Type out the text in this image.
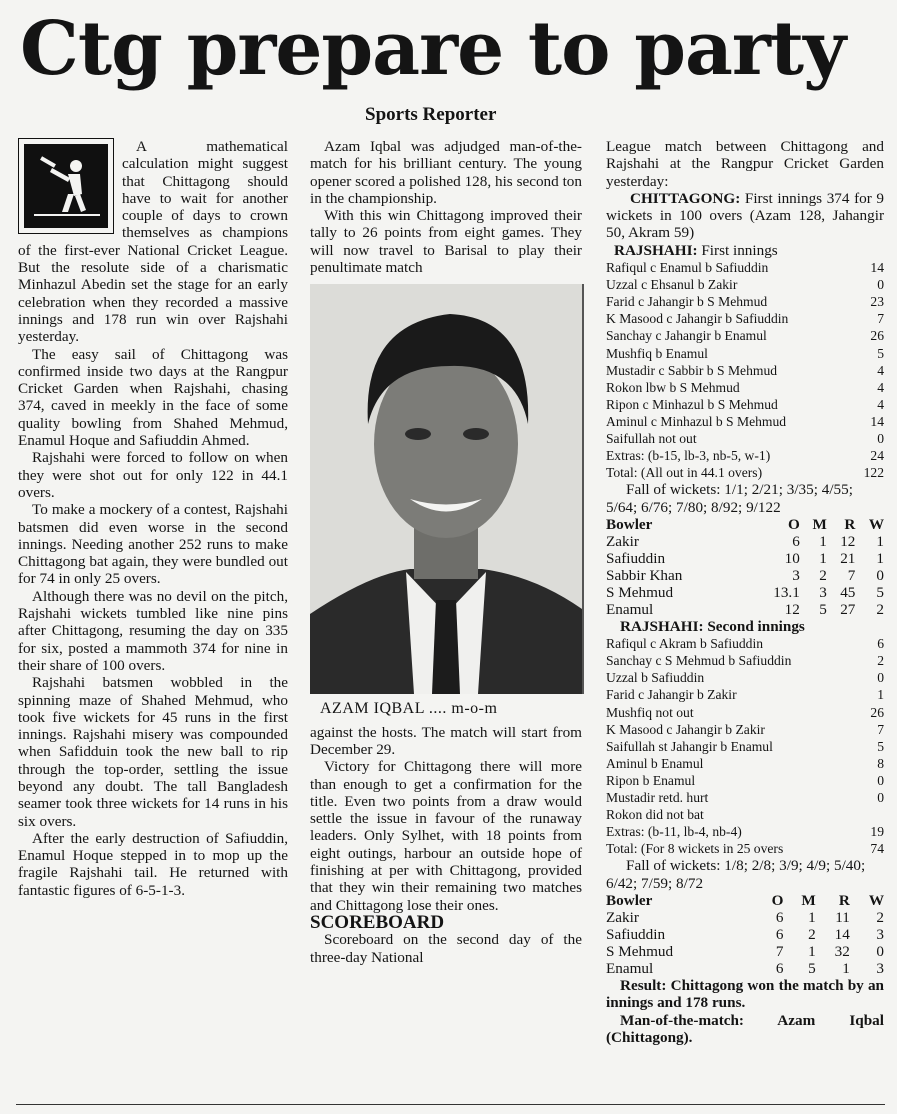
Ctg prepare to party
Sports Reporter

A mathematical calculation might suggest that Chittagong should have to wait for another couple of days to crown themselves as champions of the first-ever National Cricket League. But the resolute side of a charismatic Minhazul Abedin set the stage for an early celebration when they recorded a massive innings and 178 run win over Rajshahi yesterday.

The easy sail of Chittagong was confirmed inside two days at the Rangpur Cricket Garden when Rajshahi, chasing 374, caved in meekly in the face of some quality bowling from Shahed Mehmud, Enamul Hoque and Safiuddin Ahmed.

Rajshahi were forced to follow on when they were shot out for only 122 in 44.1 overs.

To make a mockery of a contest, Rajshahi batsmen did even worse in the second innings. Needing another 252 runs to make Chittagong bat again, they were bundled out for 74 in only 25 overs.

Although there was no devil on the pitch, Rajshahi wickets tumbled like nine pins after Chittagong, resuming the day on 335 for six, posted a mammoth 374 for nine in their share of 100 overs.

Rajshahi batsmen wobbled in the spinning maze of Shahed Mehmud, who took five wickets for 45 runs in the first innings. Rajshahi misery was compounded when Safidduin took the new ball to rip through the top-order, settling the issue beyond any doubt. The tall Bangladesh seamer took three wickets for 14 runs in his six overs.

After the early destruction of Safiuddin, Enamul Hoque stepped in to mop up the fragile Rajshahi tail. He returned with fantastic figures of 6-5-1-3.

Azam Iqbal was adjudged man-of-the-match for his brilliant century. The young opener scored a polished 128, his second ton in the championship.

With this win Chittagong improved their tally to 26 points from eight games. They will now travel to Barisal to play their penultimate match

AZAM IQBAL .... m-o-m

against the hosts. The match will start from December 29.

Victory for Chittagong there will more than enough to get a confirmation for the title. Even two points from a draw would settle the issue in favour of the runaway leaders. Only Sylhet, with 18 points from eight outings, harbour an outside hope of finishing at per with Chittagong, provided that they win their remaining two matches and Chittagong lose their ones.

SCOREBOARD

Scoreboard on the second day of the three-day National

League match between Chittagong and Rajshahi at the Rangpur Cricket Garden yesterday:

CHITTAGONG: First innings 374 for 9 wickets in 100 overs (Azam 128, Jahangir 50, Akram 59)

RAJSHAHI: First innings

Rafiqul c Enamul b Safiuddin	14
Uzzal c Ehsanul b Zakir	0
Farid c Jahangir b S Mehmud	23
K Masood c Jahangir b Safiuddin	7
Sanchay c Jahangir b Enamul	26
Mushfiq b Enamul	5
Mustadir c Sabbir b S Mehmud	4
Rokon lbw b S Mehmud	4
Ripon c Minhazul b S Mehmud	4
Aminul c Minhazul b S Mehmud	14
Saifullah not out	0
Extras: (b-15, lb-3, nb-5, w-1)	24
Total: (All out in 44.1 overs)	122
Fall of wickets: 1/1; 2/21; 3/35; 4/55; 5/64; 6/76; 7/80; 8/92; 9/122
Bowler	O	M	R	W
Zakir	6	1	12	1
Safiuddin	10	1	21	1
Sabbir Khan	3	2	7	0
S Mehmud	13.1	3	45	5
Enamul	12	5	27	2

RAJSHAHI: Second innings

Rafiqul c Akram b Safiuddin	6
Sanchay c S Mehmud b Safiuddin	2
Uzzal b Safiuddin	0
Farid c Jahangir b Zakir	1
Mushfiq not out	26
K Masood c Jahangir b Zakir	7
Saifullah st Jahangir b Enamul	5
Aminul b Enamul	8
Ripon b Enamul	0
Mustadir retd. hurt	0
Rokon did not bat
Extras: (b-11, lb-4, nb-4)	19
Total: (For 8 wickets in 25 overs	74
Fall of wickets: 1/8; 2/8; 3/9; 4/9; 5/40; 6/42; 7/59; 8/72
Bowler	O	M	R	W
Zakir	6	1	11	2
Safiuddin	6	2	14	3
S Mehmud	7	1	32	0
Enamul	6	5	1	3

Result: Chittagong won the match by an innings and 178 runs.

Man-of-the-match: Azam Iqbal (Chittagong).
